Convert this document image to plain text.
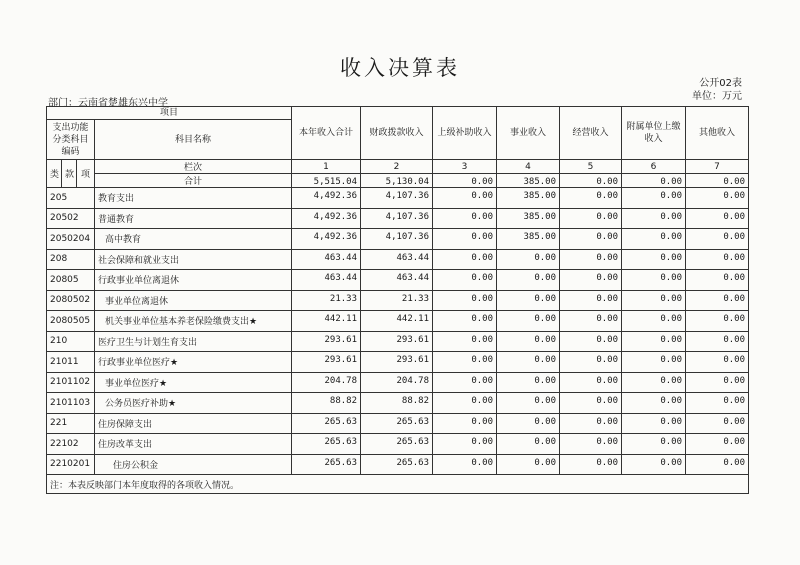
收入决算表
公开02表
单位：万元
部门：云南省楚雄东兴中学
项目				本年收入合计	财政拨款收入	上级补助收入	事业收入	经营收入	附属单位上缴收入	其他收入
支出功能分类科目编码			科目名称							
类	款	项	栏次	1	2	3	4	5	6	7
			合计	5,515.04	5,130.04	0.00	385.00	0.00	0.00	0.00
205			教育支出	4,492.36	4,107.36	0.00	385.00	0.00	0.00	0.00
20502			普通教育	4,492.36	4,107.36	0.00	385.00	0.00	0.00	0.00
2050204			高中教育	4,492.36	4,107.36	0.00	385.00	0.00	0.00	0.00
208			社会保障和就业支出	463.44	463.44	0.00	0.00	0.00	0.00	0.00
20805			行政事业单位离退休	463.44	463.44	0.00	0.00	0.00	0.00	0.00
2080502			事业单位离退休	21.33	21.33	0.00	0.00	0.00	0.00	0.00
2080505			机关事业单位基本养老保险缴费支出★	442.11	442.11	0.00	0.00	0.00	0.00	0.00
210			医疗卫生与计划生育支出	293.61	293.61	0.00	0.00	0.00	0.00	0.00
21011			行政事业单位医疗★	293.61	293.61	0.00	0.00	0.00	0.00	0.00
2101102			事业单位医疗★	204.78	204.78	0.00	0.00	0.00	0.00	0.00
2101103			公务员医疗补助★	88.82	88.82	0.00	0.00	0.00	0.00	0.00
221			住房保障支出	265.63	265.63	0.00	0.00	0.00	0.00	0.00
22102			住房改革支出	265.63	265.63	0.00	0.00	0.00	0.00	0.00
2210201			住房公积金	265.63	265.63	0.00	0.00	0.00	0.00	0.00
注：本表反映部门本年度取得的各项收入情况。										
